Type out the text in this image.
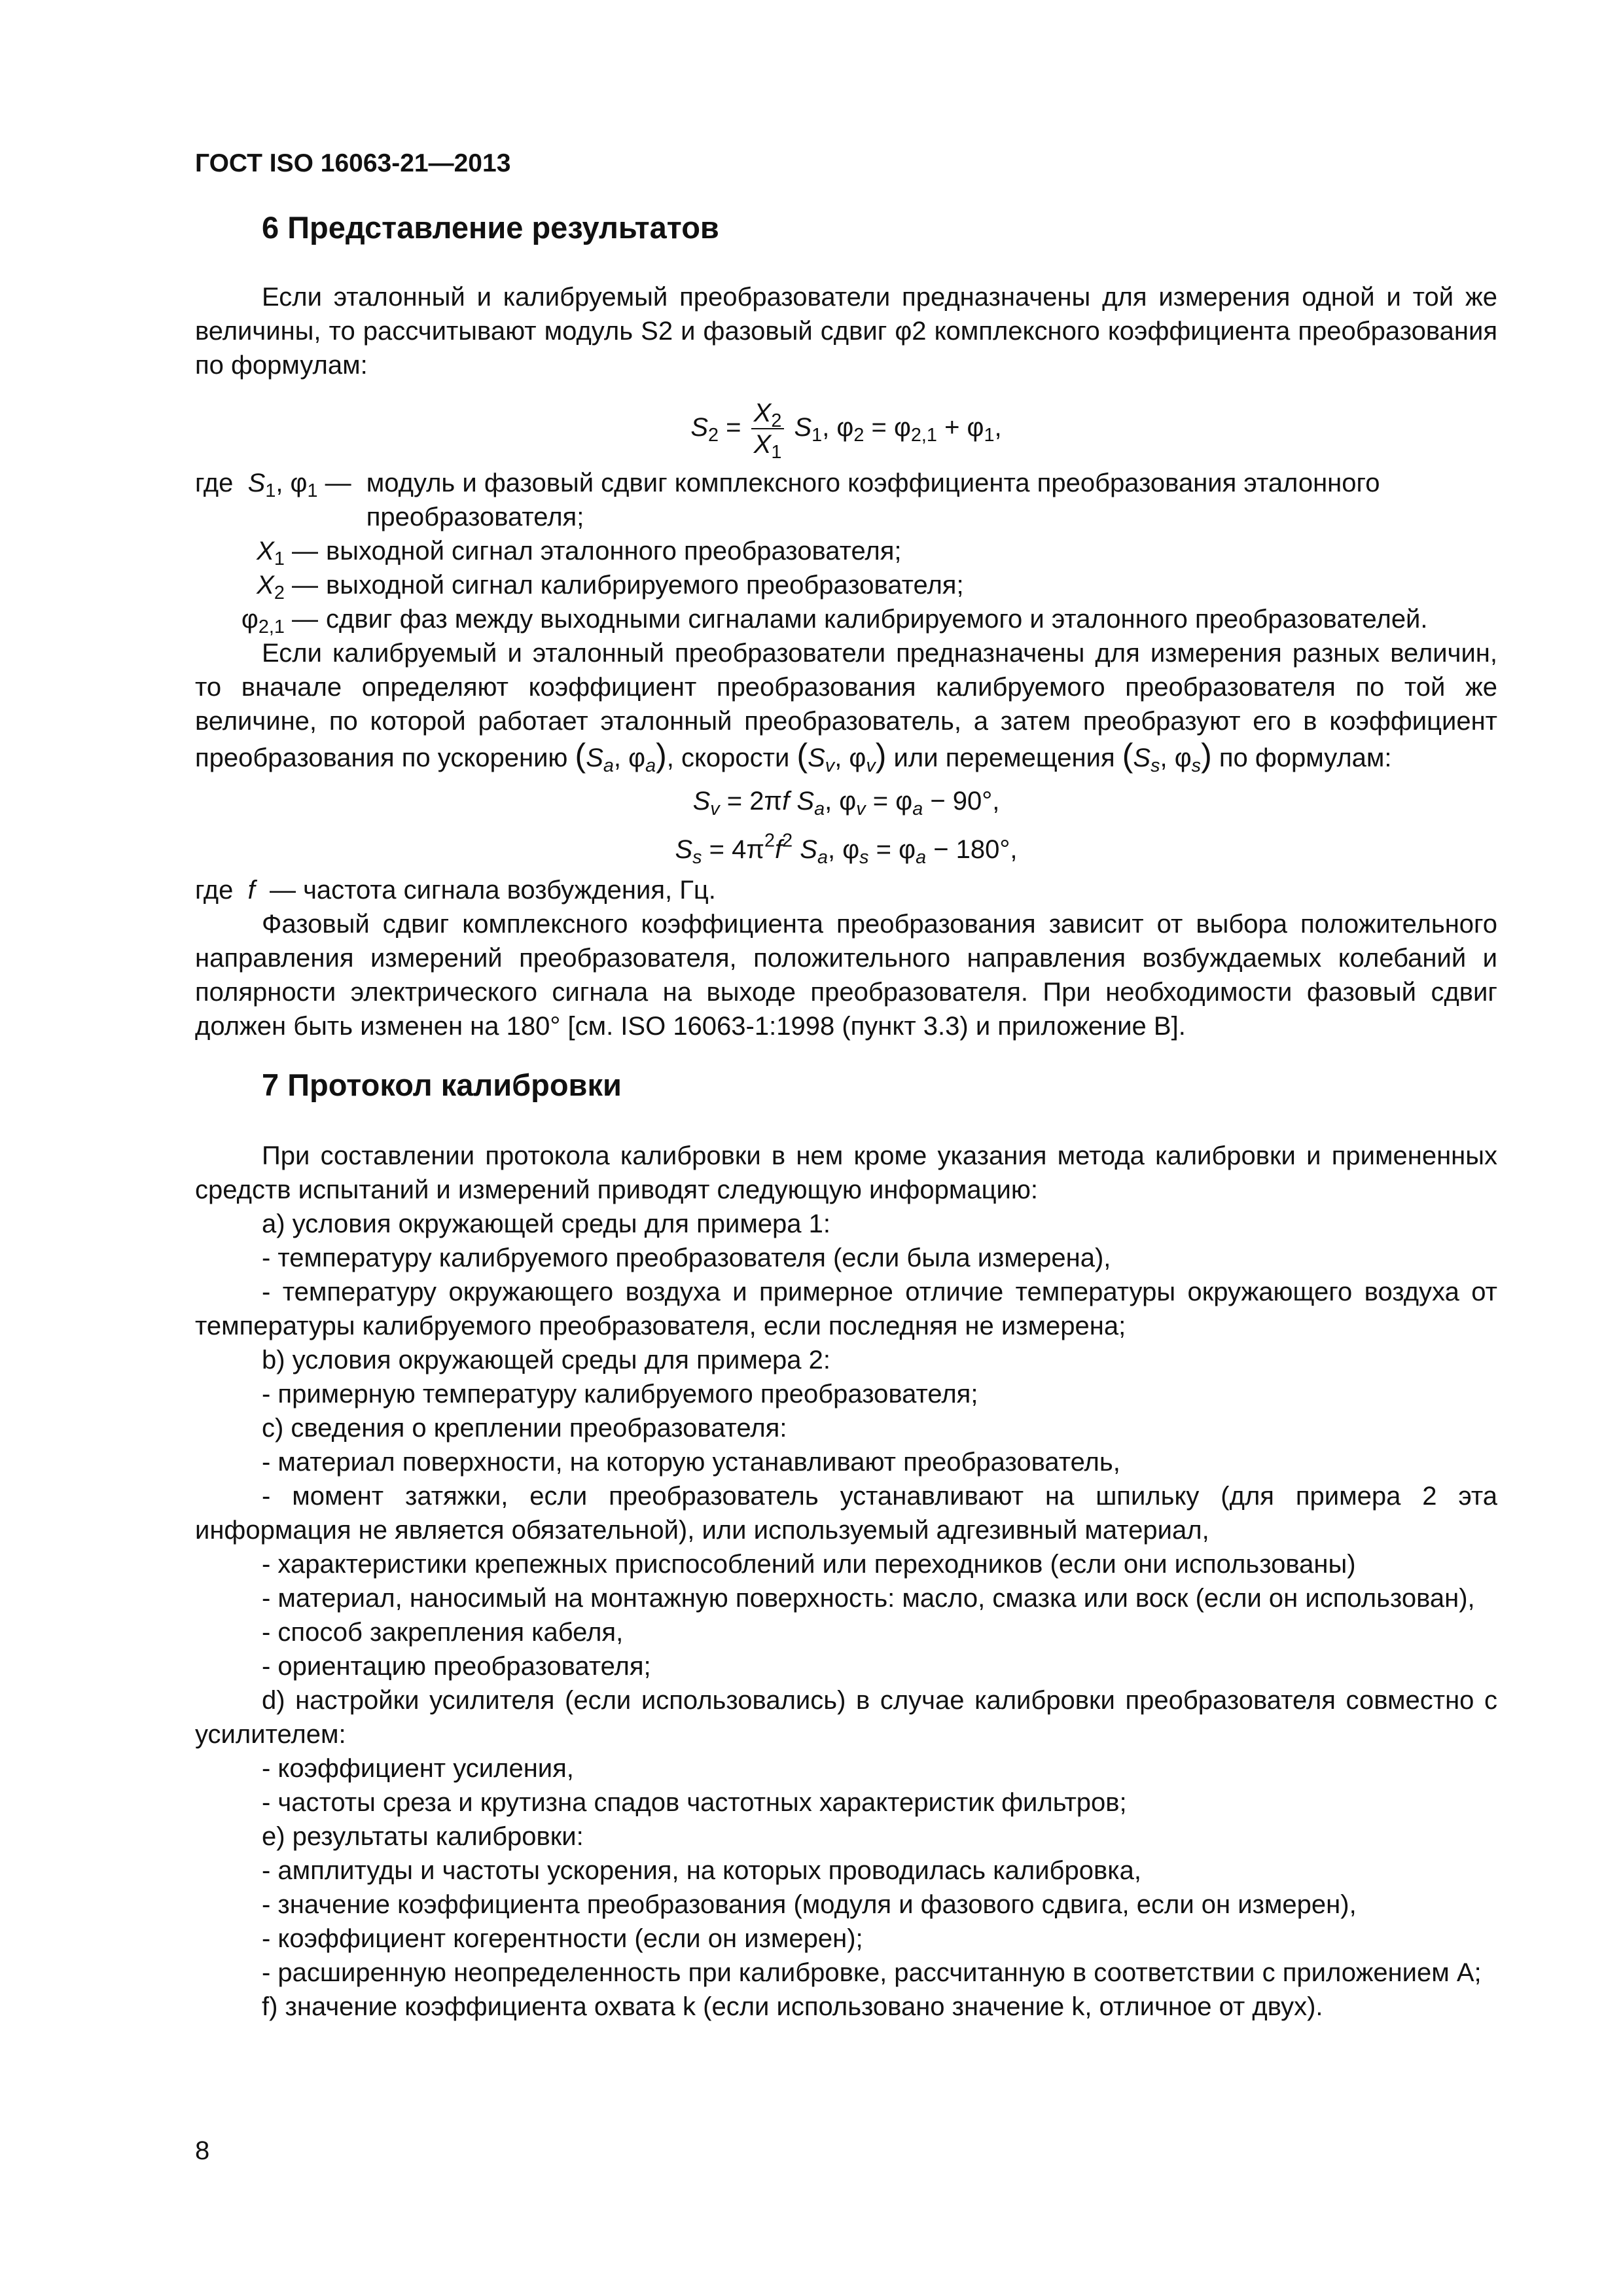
ГОСТ ISO 16063-21—2013
6 Представление результатов

Если эталонный и калибруемый преобразователи предназначены для измерения одной и той же величины, то рассчитывают модуль S2 и фазовый сдвиг φ2 комплексного коэффициента преобразования по формулам:

$S_2 = \frac{X_2}{X_1} S_1$, $\varphi_2 = \varphi_{2,1} + \varphi_1$,
где $S_1$, $\varphi_1$ — модуль и фазовый сдвиг комплексного коэффициента преобразования эталонного преобразователя;
$X_1$ — выходной сигнал эталонного преобразователя;
$X_2$ — выходной сигнал калибрируемого преобразователя;
$\varphi_{2,1}$ — сдвиг фаз между выходными сигналами калибрируемого и эталонного преобразователей.

Если калибруемый и эталонный преобразователи предназначены для измерения разных величин, то вначале определяют коэффициент преобразования калибруемого преобразователя по той же величине, по которой работает эталонный преобразователь, а затем преобразуют его в коэффициент преобразования по ускорению ($S_a$, $\varphi_a$), скорости ($S_v$, $\varphi_v$) или перемещения ($S_s$, $\varphi_s$) по формулам:

$S_v = 2\pi f$ $S_a$, $\varphi_v = \varphi_a - 90^\circ$,
$S_s = 4\pi^2f^2$ $S_a$, $\varphi_s = \varphi_a - 180^\circ$,

где  f  — частота сигнала возбуждения, Гц.

Фазовый сдвиг комплексного коэффициента преобразования зависит от выбора положительного направления измерений преобразователя, положительного направления возбуждаемых колебаний и полярности электрического сигнала на выходе преобразователя. При необходимости фазовый сдвиг должен быть изменен на 180° [см. ISO 16063-1:1998 (пункт 3.3) и приложение В].

7 Протокол калибровки

При составлении протокола калибровки в нем кроме указания метода калибровки и примененных средств испытаний и измерений приводят следующую информацию:

a) условия окружающей среды для примера 1:

- температуру калибруемого преобразователя (если была измерена),

- температуру окружающего воздуха и примерное отличие температуры окружающего воздуха от температуры калибруемого преобразователя, если последняя не измерена;

b) условия окружающей среды для примера 2:

- примерную температуру калибруемого преобразователя;

c) сведения о креплении преобразователя:

- материал поверхности, на которую устанавливают преобразователь,

- момент затяжки, если преобразователь устанавливают на шпильку (для примера 2 эта информация не является обязательной), или используемый адгезивный материал,

- характеристики крепежных приспособлений или переходников (если они использованы)

- материал, наносимый на монтажную поверхность: масло, смазка или воск (если он использован),

- способ закрепления кабеля,

- ориентацию преобразователя;

d) настройки усилителя (если использовались) в случае калибровки преобразователя совместно с усилителем:

- коэффициент усиления,

- частоты среза и крутизна спадов частотных характеристик фильтров;

e) результаты калибровки:

- амплитуды и частоты ускорения, на которых проводилась калибровка,

- значение коэффициента преобразования (модуля и фазового сдвига, если он измерен),

- коэффициент когерентности (если он измерен);

- расширенную неопределенность при калибровке, рассчитанную в соответствии с приложением A;

f) значение коэффициента охвата k (если использовано значение k, отличное от двух).

8
